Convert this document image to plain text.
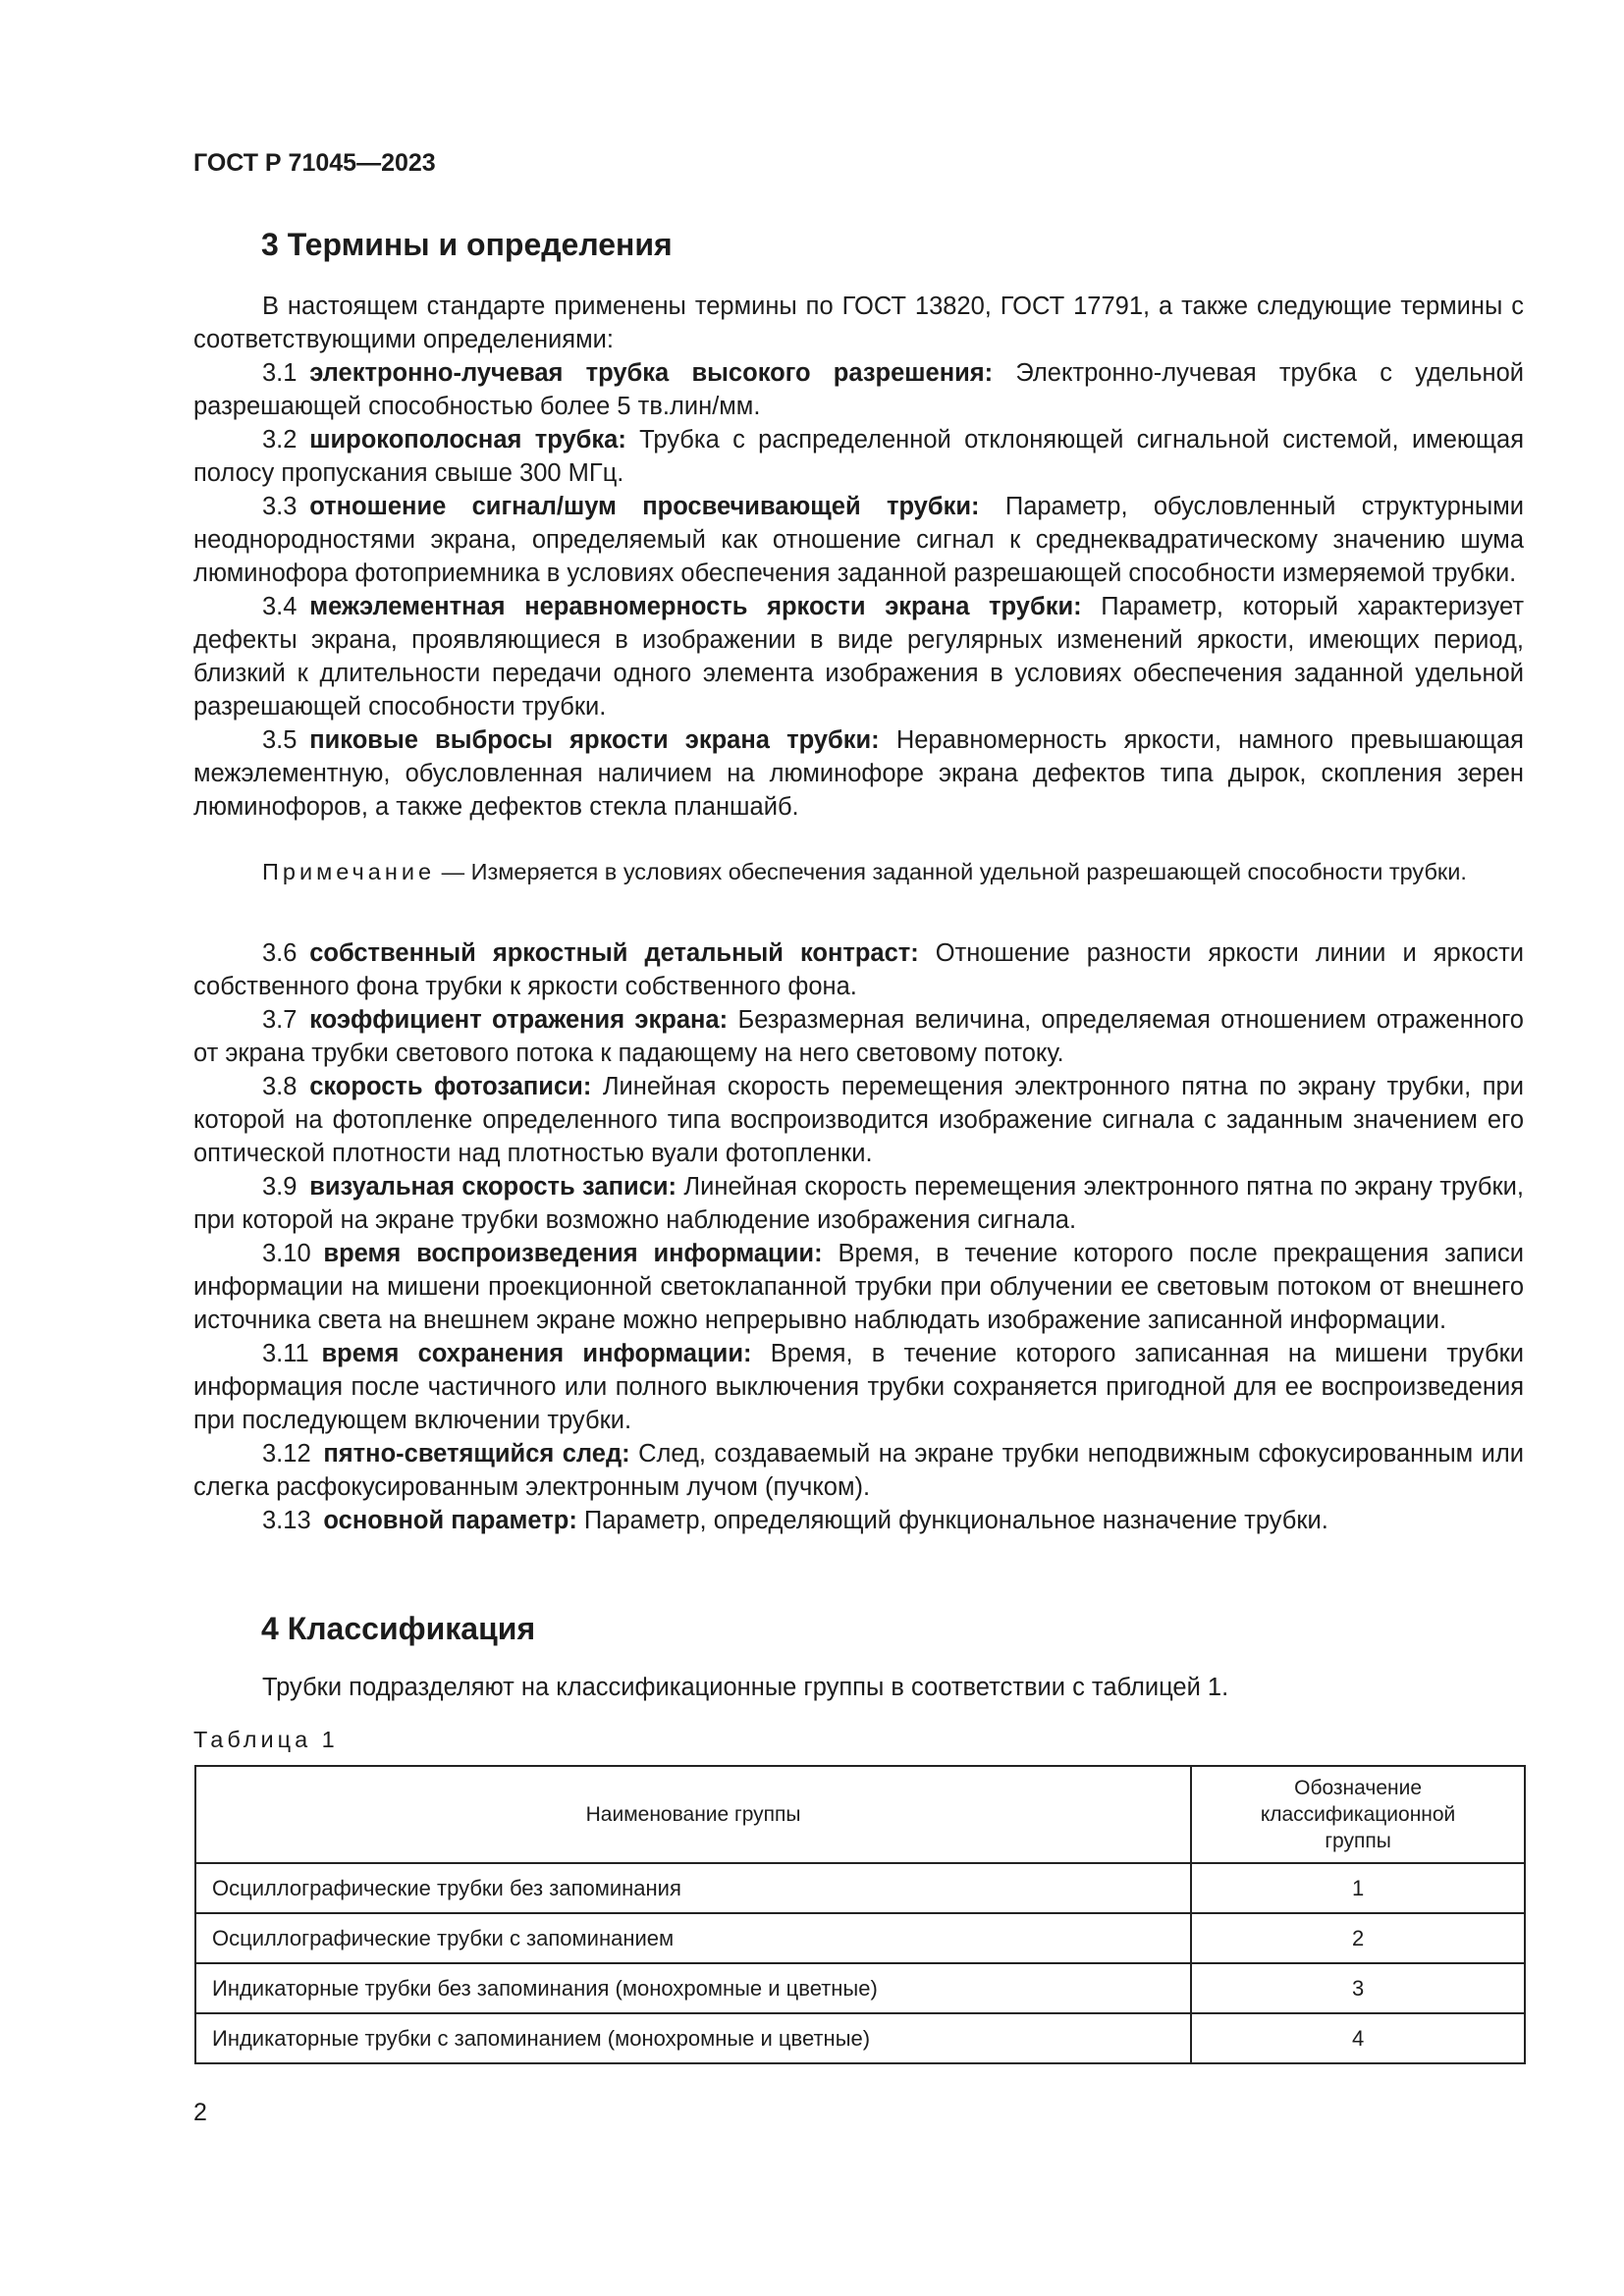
ГОСТ Р 71045—2023

3 Термины и определения

В настоящем стандарте применены термины по ГОСТ 13820, ГОСТ 17791, а также следующие термины с соответствующими определениями:

3.1  электронно-лучевая трубка высокого разрешения: Электронно-лучевая трубка с удельной разрешающей способностью более 5 тв.лин/мм.

3.2  широкополосная трубка: Трубка с распределенной отклоняющей сигнальной системой, имеющая полосу пропускания свыше 300 МГц.

3.3  отношение сигнал/шум просвечивающей трубки: Параметр, обусловленный структурными неоднородностями экрана, определяемый как отношение сигнал к среднеквадратическому значению шума люминофора фотоприемника в условиях обеспечения заданной разрешающей способности измеряемой трубки.

3.4  межэлементная неравномерность яркости экрана трубки: Параметр, который характеризует дефекты экрана, проявляющиеся в изображении в виде регулярных изменений яркости, имеющих период, близкий к длительности передачи одного элемента изображения в условиях обеспечения заданной удельной разрешающей способности трубки.

3.5  пиковые выбросы яркости экрана трубки: Неравномерность яркости, намного превышающая межэлементную, обусловленная наличием на люминофоре экрана дефектов типа дырок, скопления зерен люминофоров, а также дефектов стекла планшайб.

Примечание — Измеряется в условиях обеспечения заданной удельной разрешающей способности трубки.

3.6  собственный яркостный детальный контраст: Отношение разности яркости линии и яркости собственного фона трубки к яркости собственного фона.

3.7  коэффициент отражения экрана: Безразмерная величина, определяемая отношением отраженного от экрана трубки светового потока к падающему на него световому потоку.

3.8  скорость фотозаписи: Линейная скорость перемещения электронного пятна по экрану трубки, при которой на фотопленке определенного типа воспроизводится изображение сигнала с заданным значением его оптической плотности над плотностью вуали фотопленки.

3.9  визуальная скорость записи: Линейная скорость перемещения электронного пятна по экрану трубки, при которой на экране трубки возможно наблюдение изображения сигнала.

3.10  время воспроизведения информации: Время, в течение которого после прекращения записи информации на мишени проекционной светоклапанной трубки при облучении ее световым потоком от внешнего источника света на внешнем экране можно непрерывно наблюдать изображение записанной информации.

3.11  время сохранения информации: Время, в течение которого записанная на мишени трубки информация после частичного или полного выключения трубки сохраняется пригодной для ее воспроизведения при последующем включении трубки.

3.12  пятно-светящийся след: След, создаваемый на экране трубки неподвижным сфокусированным или слегка расфокусированным электронным лучом (пучком).

3.13  основной параметр: Параметр, определяющий функциональное назначение трубки.

4 Классификация

Трубки подразделяют на классификационные группы в соответствии с таблицей 1.

Таблица 1

Наименование группы	Обозначение классификационной группы
Осциллографические трубки без запоминания	1
Осциллографические трубки с запоминанием	2
Индикаторные трубки без запоминания (монохромные и цветные)	3
Индикаторные трубки с запоминанием (монохромные и цветные)	4

2
